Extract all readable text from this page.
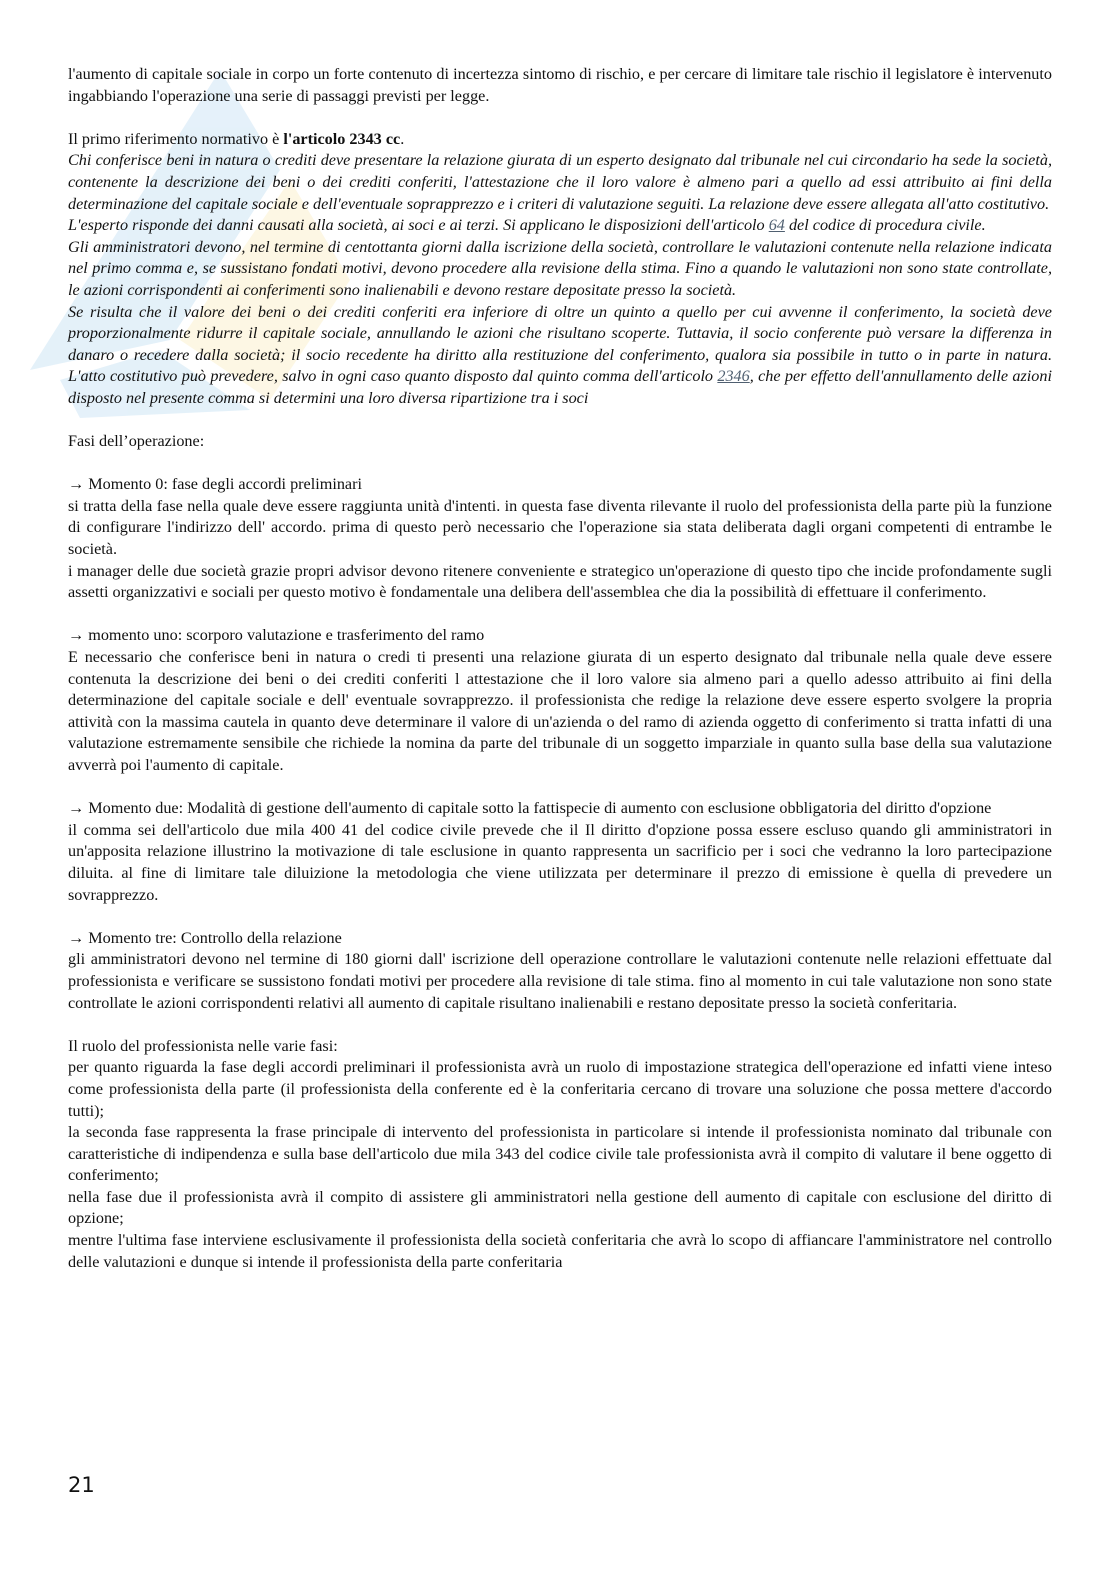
l'aumento di capitale sociale in corpo un forte contenuto di incertezza sintomo di rischio, e per cercare di limitare tale rischio il legislatore è intervenuto ingabbiando l'operazione una serie di passaggi previsti per legge.

Il primo riferimento normativo è l'articolo 2343 cc.

Chi conferisce beni in natura o crediti deve presentare la relazione giurata di un esperto designato dal tribunale nel cui circondario ha sede la società, contenente la descrizione dei beni o dei crediti conferiti, l'attestazione che il loro valore è almeno pari a quello ad essi attribuito ai fini della determinazione del capitale sociale e dell'eventuale soprapprezzo e i criteri di valutazione seguiti. La relazione deve essere allegata all'atto costitutivo.

L'esperto risponde dei danni causati alla società, ai soci e ai terzi. Si applicano le disposizioni dell'articolo 64 del codice di procedura civile.

Gli amministratori devono, nel termine di centottanta giorni dalla iscrizione della società, controllare le valutazioni contenute nella relazione indicata nel primo comma e, se sussistano fondati motivi, devono procedere alla revisione della stima. Fino a quando le valutazioni non sono state controllate, le azioni corrispondenti ai conferimenti sono inalienabili e devono restare depositate presso la società.

Se risulta che il valore dei beni o dei crediti conferiti era inferiore di oltre un quinto a quello per cui avvenne il conferimento, la società deve proporzionalmente ridurre il capitale sociale, annullando le azioni che risultano scoperte. Tuttavia, il socio conferente può versare la differenza in danaro o recedere dalla società; il socio recedente ha diritto alla restituzione del conferimento, qualora sia possibile in tutto o in parte in natura. L'atto costitutivo può prevedere, salvo in ogni caso quanto disposto dal quinto comma dell'articolo 2346, che per effetto dell'annullamento delle azioni disposto nel presente comma si determini una loro diversa ripartizione tra i soci

Fasi dell’operazione:

→ Momento 0: fase degli accordi preliminari

si tratta della fase nella quale deve essere raggiunta unità d'intenti. in questa fase diventa rilevante il ruolo del professionista della parte più la funzione di configurare l'indirizzo dell' accordo. prima di questo però necessario che l'operazione sia stata deliberata dagli organi competenti di entrambe le società.

i manager delle due società grazie propri advisor devono ritenere conveniente e strategico un'operazione di questo tipo che incide profondamente sugli assetti organizzativi e sociali per questo motivo è fondamentale una delibera dell'assemblea che dia la possibilità di effettuare il conferimento.

→ momento uno: scorporo valutazione e trasferimento del ramo

E necessario che conferisce beni in natura o credi ti presenti una relazione giurata di un esperto designato dal tribunale nella quale deve essere contenuta la descrizione dei beni o dei crediti conferiti l attestazione che il loro valore sia almeno pari a quello adesso attribuito ai fini della determinazione del capitale sociale e dell' eventuale sovrapprezzo. il professionista che redige la relazione deve essere esperto svolgere la propria attività con la massima cautela in quanto deve determinare il valore di un'azienda o del ramo di azienda oggetto di conferimento si tratta infatti di una valutazione estremamente sensibile che richiede la nomina da parte del tribunale di un soggetto imparziale in quanto sulla base della sua valutazione avverrà poi l'aumento di capitale.

→ Momento due: Modalità di gestione dell'aumento di capitale sotto la fattispecie di aumento con esclusione obbligatoria del diritto d'opzione

il comma sei dell'articolo due mila 400 41 del codice civile prevede che il Il diritto d'opzione possa essere escluso quando gli amministratori in un'apposita relazione illustrino la motivazione di tale esclusione in quanto rappresenta un sacrificio per i soci che vedranno la loro partecipazione diluita. al fine di limitare tale diluizione la metodologia che viene utilizzata per determinare il prezzo di emissione è quella di prevedere un sovrapprezzo.

→ Momento tre: Controllo della relazione

gli amministratori devono nel termine di 180 giorni dall' iscrizione dell operazione controllare le valutazioni contenute nelle relazioni effettuate dal professionista e verificare se sussistono fondati motivi per procedere alla revisione di tale stima. fino al momento in cui tale valutazione non sono state controllate le azioni corrispondenti relativi all aumento di capitale risultano inalienabili e restano depositate presso la società conferitaria.

Il ruolo del professionista nelle varie fasi:

per quanto riguarda la fase degli accordi preliminari il professionista avrà un ruolo di impostazione strategica dell'operazione ed infatti viene inteso come professionista della parte (il professionista della conferente ed è la conferitaria cercano di trovare una soluzione che possa mettere d'accordo tutti);

la seconda fase rappresenta la frase principale di intervento del professionista in particolare si intende il professionista nominato dal tribunale con caratteristiche di indipendenza e sulla base dell'articolo due mila 343 del codice civile tale professionista avrà il compito di valutare il bene oggetto di conferimento;

nella fase due il professionista avrà il compito di assistere gli amministratori nella gestione dell aumento di capitale con esclusione del diritto di opzione;

mentre l'ultima fase interviene esclusivamente il professionista della società conferitaria che avrà lo scopo di affiancare l'amministratore nel controllo delle valutazioni e dunque si intende il professionista della parte conferitaria

21
